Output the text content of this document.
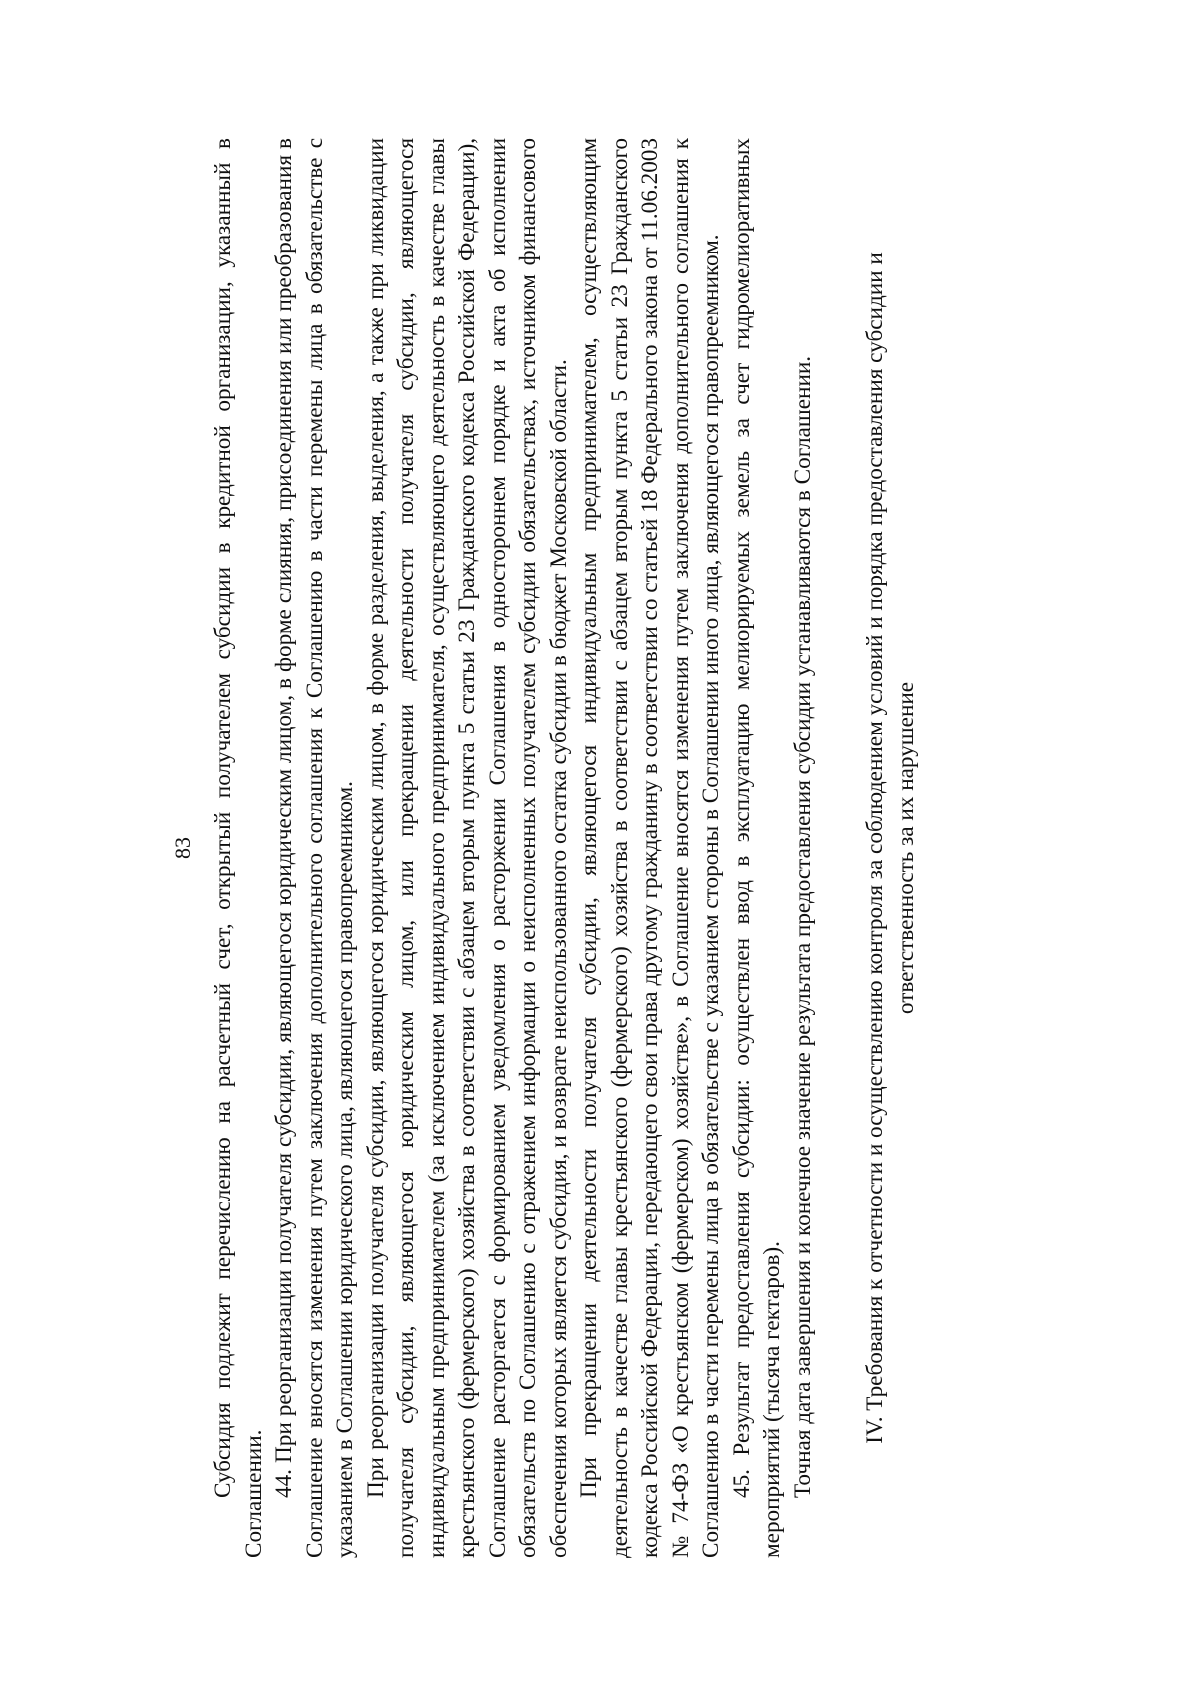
83 Субсидия подлежит перечислению на расчетный счет, открытый получателем субсидии в кредитной организации, указанный в Соглашении. 44. При реорганизации получателя субсидии, являющегося юридическим лицом, в форме слияния, присоединения или преобразования в Соглашение вносятся изменения путем заключения дополнительного соглашения к Соглашению в части перемены лица в обязательстве с указанием в Соглашении юридического лица, являющегося правопреемником. При реорганизации получателя субсидии, являющегося юридическим лицом, в форме разделения, выделения, а также при ликвидации получателя субсидии, являющегося юридическим лицом, или прекращении деятельности получателя субсидии, являющегося индивидуальным предпринимателем (за исключением индивидуального предпринимателя, осуществляющего деятельность в качестве главы крестьянского (фермерского) хозяйства в соответствии с абзацем вторым пункта 5 статьи 23 Гражданского кодекса Российской Федерации), Соглашение расторгается с формированием уведомления о расторжении Соглашения в одностороннем порядке и акта об исполнении обязательств по Соглашению с отражением информации о неисполненных получателем субсидии обязательствах, источником финансового обеспечения которых является субсидия, и возврате неиспользованного остатка субсидии в бюджет Московской области. При прекращении деятельности получателя субсидии, являющегося индивидуальным предпринимателем, осуществляющим деятельность в качестве главы крестьянского (фермерского) хозяйства в соответствии с абзацем вторым пункта 5 статьи 23 Гражданского кодекса Российской Федерации, передающего свои права другому гражданину в соответствии со статьей 18 Федерального закона от 11.06.2003 № 74-ФЗ «О крестьянском (фермерском) хозяйстве», в Соглашение вносятся изменения путем заключения дополнительного соглашения к Соглашению в части перемены лица в обязательстве с указанием стороны в Соглашении иного лица, являющегося правопреемником. 45. Результат предоставления субсидии: осуществлен ввод в эксплуатацию мелиорируемых земель за счет гидромелиоративных мероприятий (тысяча гектаров). Точная дата завершения и конечное значение результата предоставления субсидии устанавливаются в Соглашении. IV. Требования к отчетности и осуществлению контроля за соблюдением условий и порядка предоставления субсидии и ответственность за их нарушение
